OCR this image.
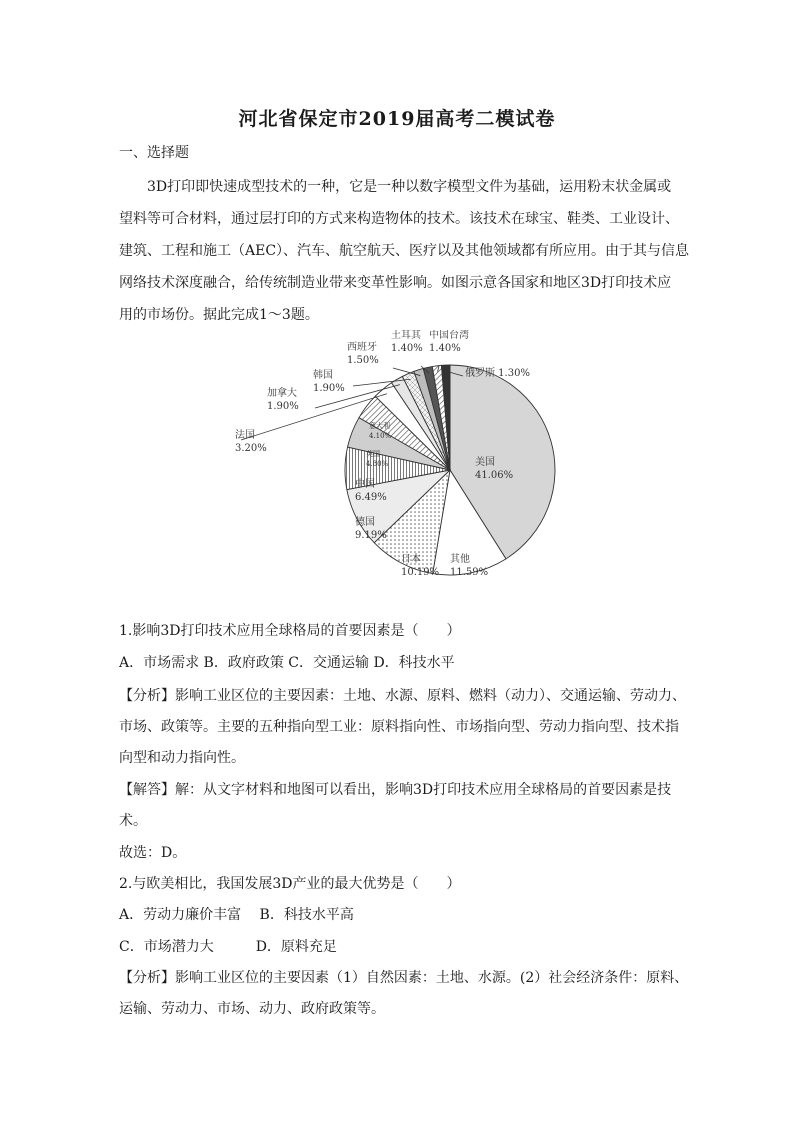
河北省保定市2019届高考二模试卷
一、选择题
3D打印即快速成型技术的一种，它是一种以数字模型文件为基础，运用粉末状金属或
望料等可合材料，通过层打印的方式来构造物体的技术。该技术在球宝、鞋类、工业设计、
建筑、工程和施工（AEC）、汽车、航空航天、医疗以及其他领域都有所应用。由于其与信息
网络技术深度融合，给传统制造业带来变革性影响。如图示意各国家和地区3D打印技术应
用的市场份。据此完成1～3题。
美国
41.06%
其他
11.59%
日本
10.19%
德国
9.19%
中国
6.49%
英国
4.80%
意大利
4.10%
法国
3.20%
加拿大
1.90%
韩国
1.90%
西班牙
1.50%
土耳其
1.40%
中国台湾
1.40%
俄罗斯 1.30%
1.影响3D打印技术应用全球格局的首要因素是（　　）
A．市场需求 B．政府政策 C．交通运输 D．科技水平
【分析】影响工业区位的主要因素：土地、水源、原料、燃料（动力）、交通运输、劳动力、
市场、政策等。主要的五种指向型工业：原料指向性、市场指向型、劳动力指向型、技术指
向型和动力指向性。
【解答】解：从文字材料和地图可以看出，影响3D打印技术应用全球格局的首要因素是技
术。
故选：D。
2.与欧美相比，我国发展3D产业的最大优势是（　　）
A．劳动力廉价丰富　 B．科技水平高
C．市场潜力大　　　D．原料充足
【分析】影响工业区位的主要因素（1）自然因素：土地、水源。(2）社会经济条件：原料、
运输、劳动力、市场、动力、政府政策等。
